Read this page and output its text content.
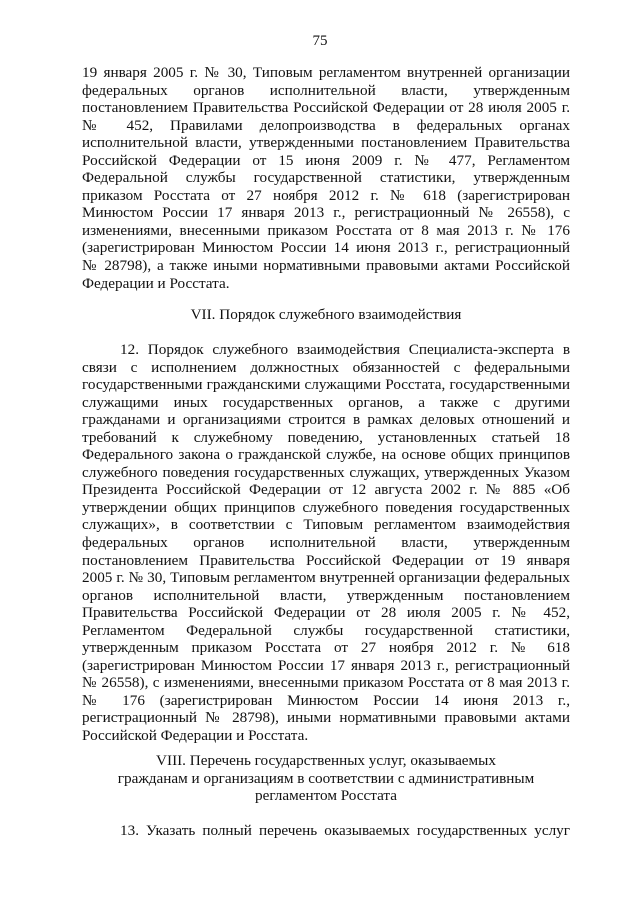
75
19 января 2005 г. № 30, Типовым регламентом внутренней организации
федеральных органов исполнительной власти, утвержденным
постановлением Правительства Российской Федерации от 28 июля 2005 г.
№ 452, Правилами делопроизводства в федеральных органах
исполнительной власти, утвержденными постановлением Правительства
Российской Федерации от 15 июня 2009 г. № 477, Регламентом
Федеральной службы государственной статистики, утвержденным
приказом Росстата от 27 ноября 2012 г. № 618 (зарегистрирован
Минюстом России 17 января 2013 г., регистрационный № 26558), с
изменениями, внесенными приказом Росстата от 8 мая 2013 г. № 176
(зарегистрирован Минюстом России 14 июня 2013 г., регистрационный
№ 28798), а также иными нормативными правовыми актами Российской
Федерации и Росстата.
VII. Порядок служебного взаимодействия
12. Порядок служебного взаимодействия Специалиста-эксперта в
связи с исполнением должностных обязанностей с федеральными
государственными гражданскими служащими Росстата, государственными
служащими иных государственных органов, а также с другими
гражданами и организациями строится в рамках деловых отношений и
требований к служебному поведению, установленных статьей 18
Федерального закона о гражданской службе, на основе общих принципов
служебного поведения государственных служащих, утвержденных Указом
Президента Российской Федерации от 12 августа 2002 г. № 885 «Об
утверждении общих принципов служебного поведения государственных
служащих», в соответствии с Типовым регламентом взаимодействия
федеральных органов исполнительной власти, утвержденным
постановлением Правительства Российской Федерации от 19 января
2005 г. № 30, Типовым регламентом внутренней организации федеральных
органов исполнительной власти, утвержденным постановлением
Правительства Российской Федерации от 28 июля 2005 г. № 452,
Регламентом Федеральной службы государственной статистики,
утвержденным приказом Росстата от 27 ноября 2012 г. № 618
(зарегистрирован Минюстом России 17 января 2013 г., регистрационный
№ 26558), с изменениями, внесенными приказом Росстата от 8 мая 2013 г.
№ 176 (зарегистрирован Минюстом России 14 июня 2013 г.,
регистрационный № 28798), иными нормативными правовыми актами
Российской Федерации и Росстата.
VIII. Перечень государственных услуг, оказываемых
гражданам и организациям в соответствии с административным
регламентом Росстата
13. Указать полный перечень оказываемых государственных услуг
